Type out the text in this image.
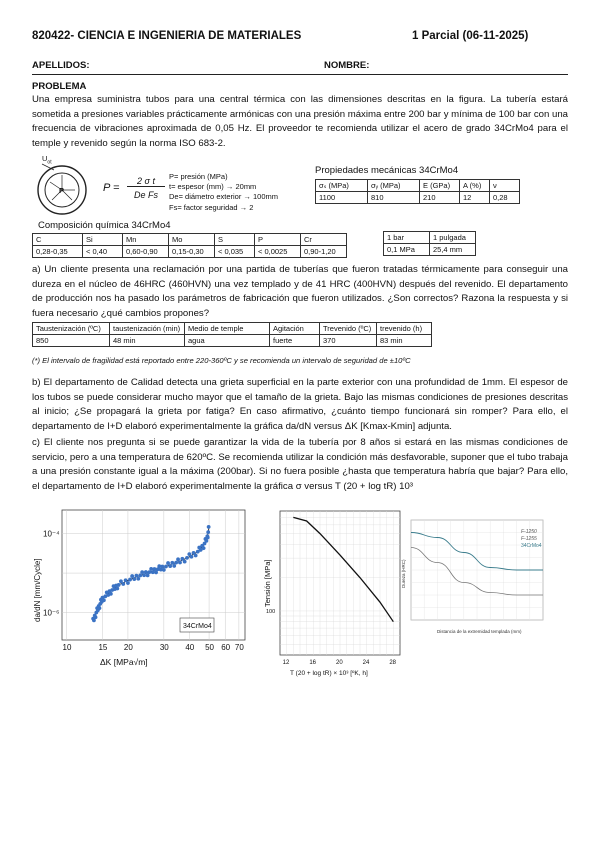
820422- CIENCIA E INGENIERIA DE MATERIALES	1 Parcial (06-11-2025)
APELLIDOS:	NOMBRE:
PROBLEMA
Una empresa suministra tubos para una central térmica con las dimensiones descritas en la figura. La tubería estará sometida a presiones variables prácticamente armónicas con una presión máxima entre 200 bar y mínima de 100 bar con una frecuencia de vibraciones aproximada de 0,05 Hz. El proveedor te recomienda utilizar el acero de grado 34CrMo4 para el temple y revenido según la norma ISO 683-2.
$U_{ot}$
P	P =
2 σ t
De Fs
P= presión (MPa)
t= espesor (mm) → 20mm
De= diámetro exterior → 100mm
Fs= factor seguridad → 2
Propiedades mecánicas 34CrMo4
σₛ (MPa)	σᵧ (MPa)	E (GPa)	A (%)	ν
1100	810	210	12	0,28
Composición química 34CrMo4
C	Si	Mn	Mo	S	P	Cr
0,28-0,35	< 0,40	0,60-0,90	0,15-0,30	< 0,035	< 0,0025	0,90-1,20
1 bar	1 pulgada
0,1 MPa	25,4 mm
a) Un cliente presenta una reclamación por una partida de tuberías que fueron tratadas térmicamente para conseguir una dureza en el núcleo de 46HRC (460HVN) una vez templado y de 41 HRC (400HVN) después del revenido. El departamento de producción nos ha pasado los parámetros de fabricación que fueron utilizados. ¿Son correctos? Razona la respuesta y si fuera necesario ¿qué cambios propones?
Tausteniz​ación (ºC)	taustenización (min)	Medio de temple	Agitación	Trevenido (ºC)	trevenido (h)
850	48 min	agua	fuerte	370	83 min
(*) El intervalo de fragilidad está reportado entre 220-360ºC y se recomienda un intervalo de seguridad de ±10ºC
b) El departamento de Calidad detecta una grieta superficial en la parte exterior con una profundidad de 1mm. El espesor de los tubos se puede considerar mucho mayor que el tamaño de la grieta. Bajo las mismas condiciones de presiones descritas al inicio; ¿Se propagará la grieta por fatiga? En caso afirmativo, ¿cuánto tiempo funcionará sin romper? Para ello, el departamento de I+D elaboró experimentalmente la gráfica da/dN versus ΔK [Kmax-Kmin] adjunta.
c) El cliente nos pregunta si se puede garantizar la vida de la tubería por 8 años si estará en las mismas condiciones de servicio, pero a una temperatura de 620ºC. Se recomienda utilizar la condición más desfavorable, suponer que el tubo trabaja a una presión constante igual a la máxima (200bar). Si no fuera posible ¿hasta que temperatura habría que bajar? Para ello, el departamento de I+D elaboró experimentalmente la gráfica σ versus T (20 + log tR) 10³
34CrMo4
da/dN [mm/Cycle]
ΔK [MPa√m]
10	15 20	30 40 50 60 70
10⁻⁶
10⁻⁴
Tensión [MPa]
T (20 + log tR) × 10³ [ºK, h]
12	16	20	24	28
100
F-1250
F-1255
34CrMo4
Dureza (HRC)
Distancia de la extremidad templada (mm)
